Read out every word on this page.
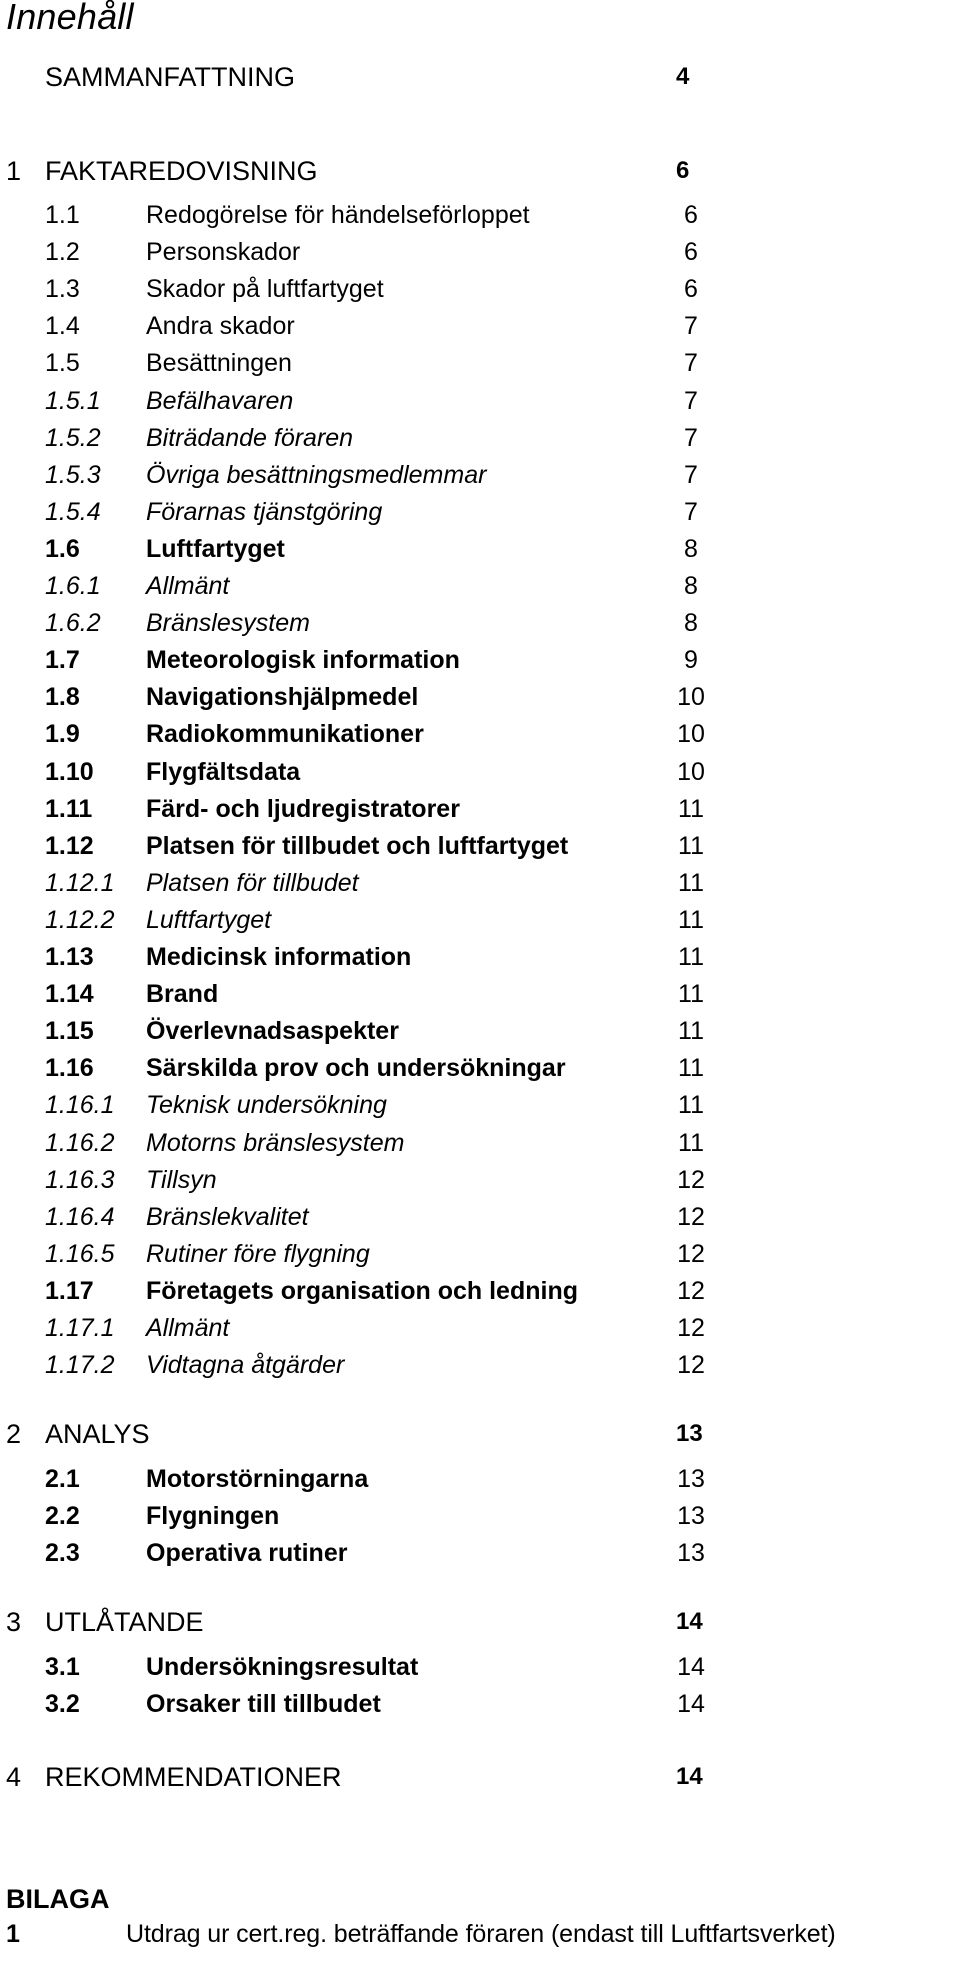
Innehåll
SAMMANFATTNING	4
1 FAKTAREDOVISNING	6
1.1	Redogörelse för händelseförloppet	6
1.2	Personskador	6
1.3	Skador på luftfartyget	6
1.4	Andra skador	7
1.5	Besättningen	7
1.5.1 Befälhavaren	7
1.5.2 Biträdande föraren	7
1.5.3 Övriga besättningsmedlemmar	7
1.5.4 Förarnas tjänstgöring	7
1.6	Luftfartyget	8
1.6.1 Allmänt	8
1.6.2 Bränslesystem	8
1.7	Meteorologisk information	9
1.8	Navigationshjälpmedel	10
1.9	Radiokommunikationer	10
1.10 Flygfältsdata	10
1.11 Färd- och ljudregistratorer	11
1.12 Platsen för tillbudet och luftfartyget	11
1.12.1 Platsen för tillbudet	11
1.12.2 Luftfartyget	11
1.13 Medicinsk information	11
1.14 Brand	11
1.15 Överlevnadsaspekter	11
1.16 Särskilda prov och undersökningar	11
1.16.1 Teknisk undersökning	11
1.16.2 Motorns bränslesystem	11
1.16.3 Tillsyn	12
1.16.4 Bränslekvalitet	12
1.16.5 Rutiner före flygning	12
1.17 Företagets organisation och ledning	12
1.17.1 Allmänt	12
1.17.2 Vidtagna åtgärder	12
2 ANALYS	13
2.1	Motorstörningarna	13
2.2	Flygningen	13
2.3	Operativa rutiner	13
3 UTLÅTANDE	14
3.1	Undersökningsresultat	14
3.2	Orsaker till tillbudet	14
4 REKOMMENDATIONER	14
BILAGA
1	Utdrag ur cert.reg. beträffande föraren (endast till Luftfartsverket)
